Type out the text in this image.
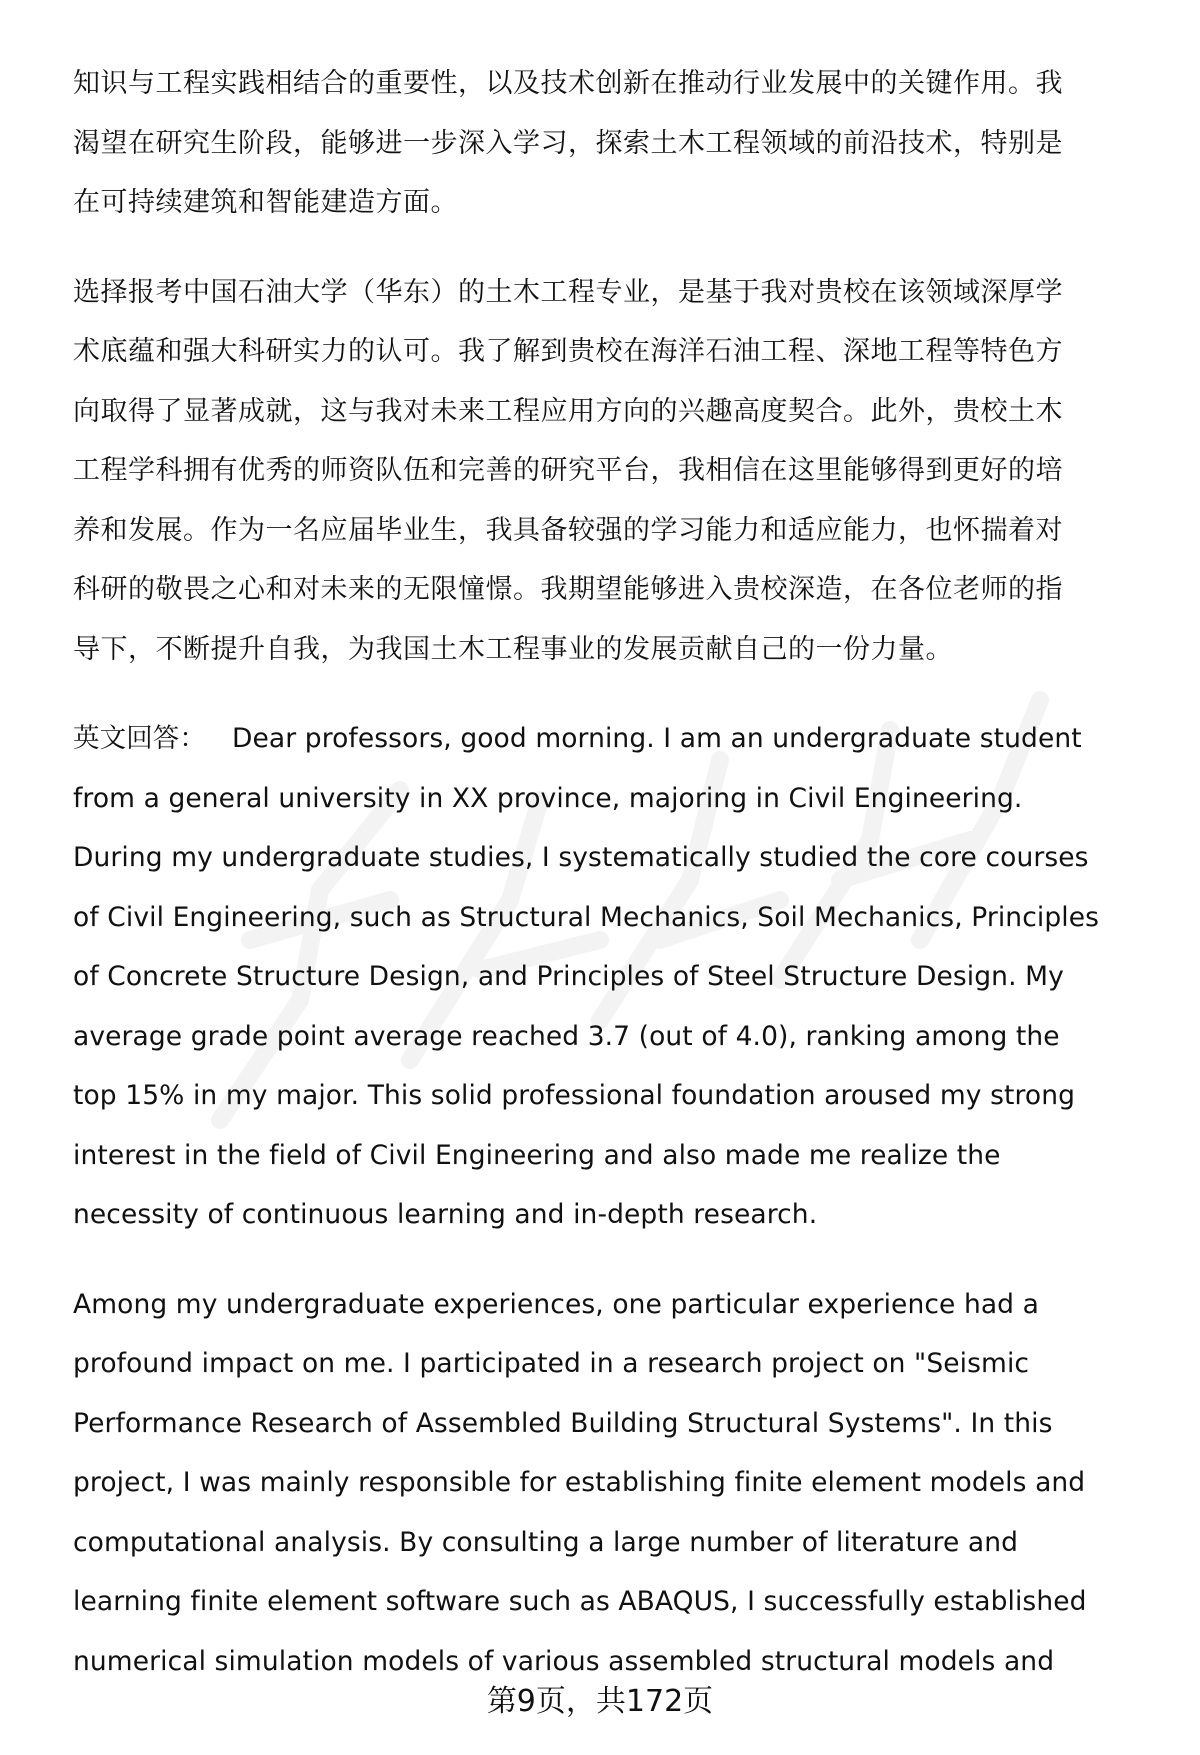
知识与工程实践相结合的重要性，以及技术创新在推动行业发展中的关键作用。我
渴望在研究生阶段，能够进一步深入学习，探索土木工程领域的前沿技术，特别是
在可持续建筑和智能建造方面。

选择报考中国石油大学（华东）的土木工程专业，是基于我对贵校在该领域深厚学
术底蕴和强大科研实力的认可。我了解到贵校在海洋石油工程、深地工程等特色方
向取得了显著成就，这与我对未来工程应用方向的兴趣高度契合。此外，贵校土木
工程学科拥有优秀的师资队伍和完善的研究平台，我相信在这里能够得到更好的培
养和发展。作为一名应届毕业生，我具备较强的学习能力和适应能力，也怀揣着对
科研的敬畏之心和对未来的无限憧憬。我期望能够进入贵校深造，在各位老师的指
导下，不断提升自我，为我国土木工程事业的发展贡献自己的一份力量。

英文回答： Dear professors, good morning. I am an undergraduate student
from a general university in XX province, majoring in Civil Engineering.
During my undergraduate studies, I systematically studied the core courses
of Civil Engineering, such as Structural Mechanics, Soil Mechanics, Principles
of Concrete Structure Design, and Principles of Steel Structure Design. My
average grade point average reached 3.7 (out of 4.0), ranking among the
top 15% in my major. This solid professional foundation aroused my strong
interest in the field of Civil Engineering and also made me realize the
necessity of continuous learning and in-depth research.

Among my undergraduate experiences, one particular experience had a
profound impact on me. I participated in a research project on "Seismic
Performance Research of Assembled Building Structural Systems". In this
project, I was mainly responsible for establishing finite element models and
computational analysis. By consulting a large number of literature and
learning finite element software such as ABAQUS, I successfully established
numerical simulation models of various assembled structural models and

第9页，共172页
